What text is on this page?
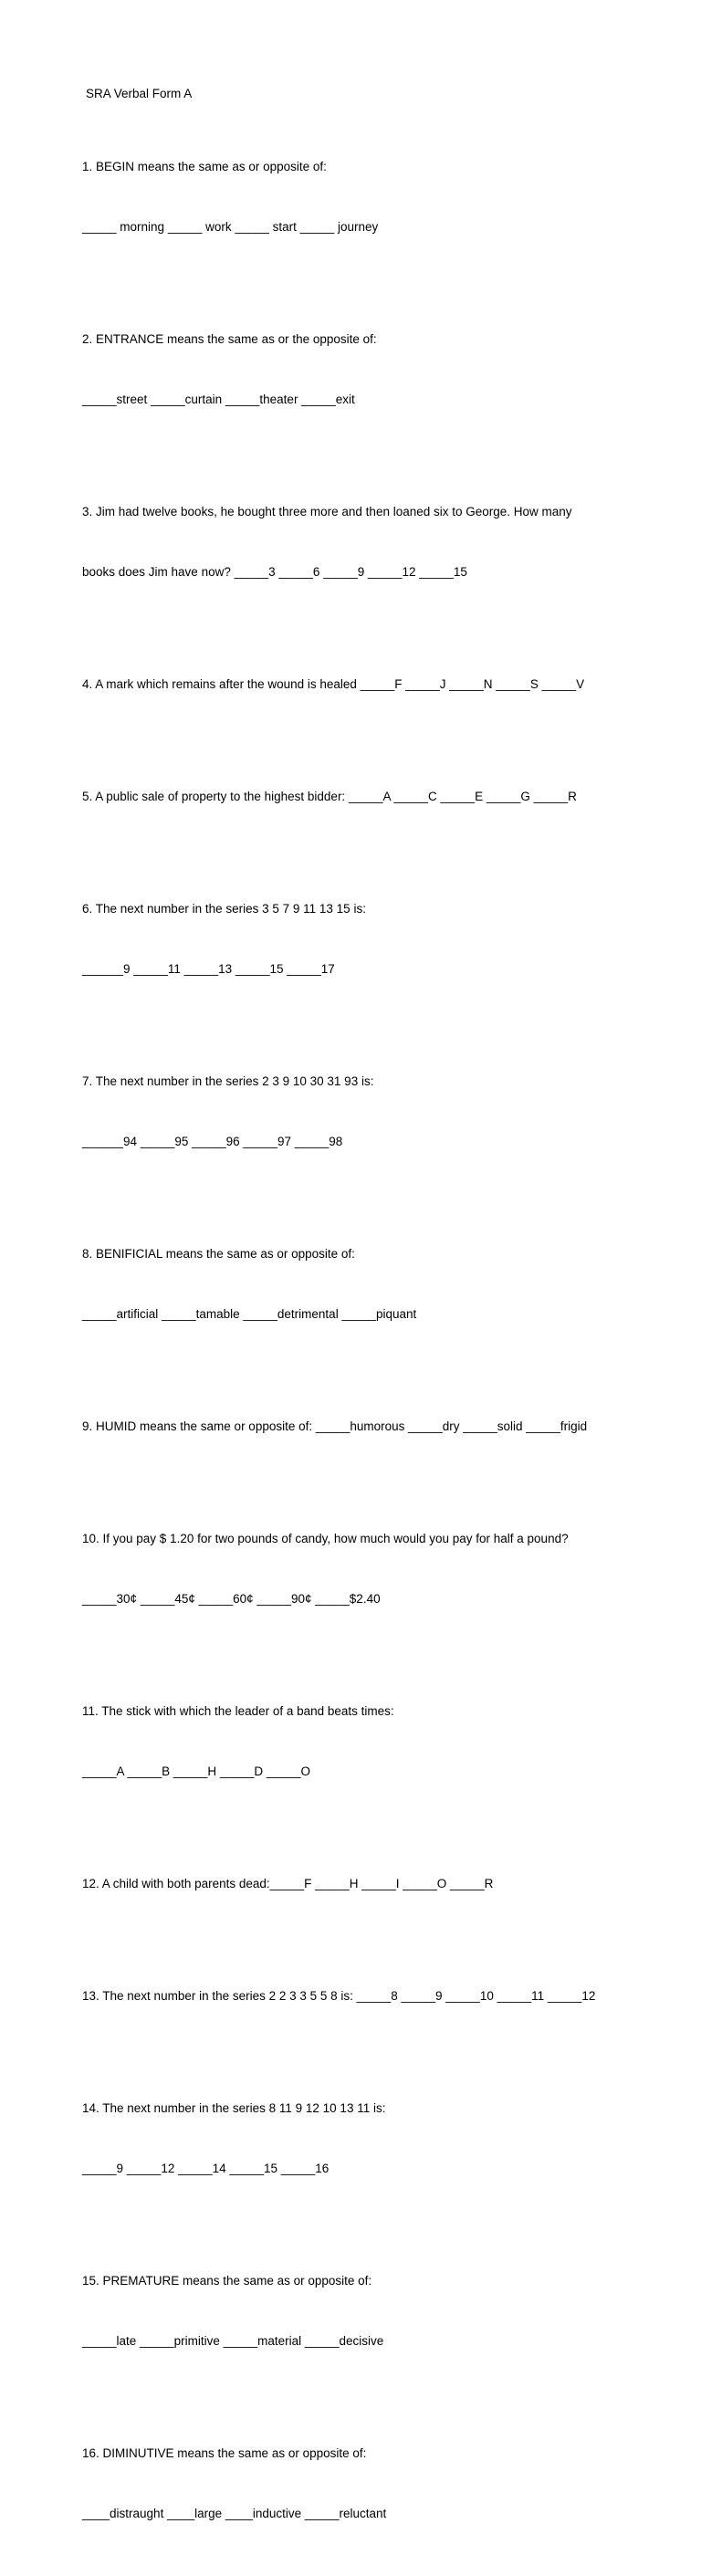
SRA Verbal Form A

1. BEGIN means the same as or opposite of:

_____ morning _____ work _____ start _____ journey

2. ENTRANCE means the same as or the opposite of:

_____street _____curtain _____theater _____exit

3. Jim had twelve books, he bought three more and then loaned six to George. How many

books does Jim have now? _____3 _____6 _____9 _____12 _____15

4. A mark which remains after the wound is healed _____F _____J _____N _____S _____V

5. A public sale of property to the highest bidder: _____A _____C _____E _____G _____R

6. The next number in the series 3 5 7 9 11 13 15 is:

______9 _____11 _____13 _____15 _____17

7. The next number in the series 2 3 9 10 30 31 93 is:

______94 _____95 _____96 _____97 _____98

8. BENIFICIAL means the same as or opposite of:

_____artificial _____tamable _____detrimental _____piquant

9. HUMID means the same or opposite of: _____humorous _____dry _____solid _____frigid

10. If you pay $ 1.20 for two pounds of candy, how much would you pay for half a pound?

_____30¢ _____45¢ _____60¢ _____90¢ _____$2.40

11. The stick with which the leader of a band beats times:

_____A _____B _____H _____D _____O

12. A child with both parents dead:_____F _____H _____I _____O _____R

13. The next number in the series 2 2 3 3 5 5 8 is: _____8 _____9 _____10 _____11 _____12

14. The next number in the series 8 11 9 12 10 13 11 is:

_____9 _____12 _____14 _____15 _____16

15. PREMATURE means the same as or opposite of:

_____late _____primitive _____material _____decisive

16. DIMINUTIVE means the same as or opposite of:

____distraught ____large ____inductive _____reluctant
